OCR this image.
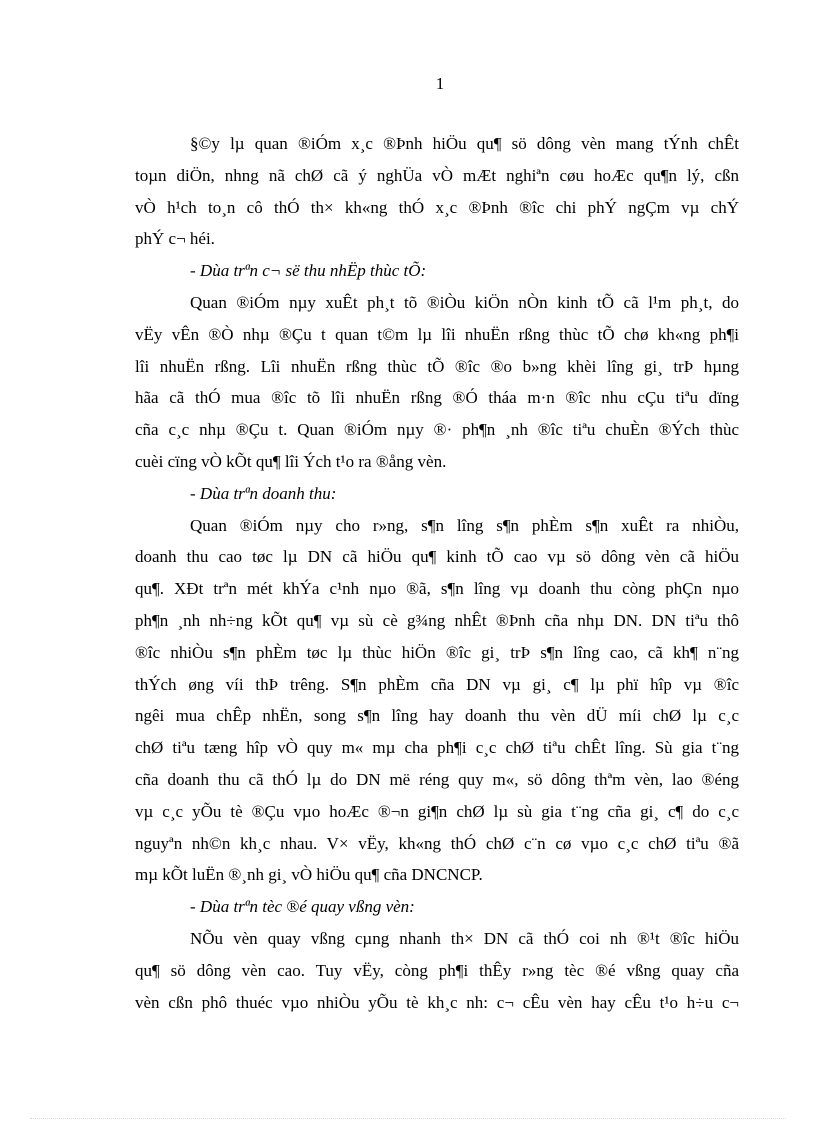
1
§©y lµ quan ®iÓm x¸c ®Þnh hiÖu qu¶ sö dông vèn mang tÝnh chÊt
toµn diÖn, nhng nã chØ cã ý nghÜa vÒ mÆt nghiªn cøu hoÆc qu¶n lý, cßn
vÒ h¹ch to¸n cô thÓ th× kh«ng thÓ x¸c ®Þnh ®îc chi phÝ ngÇm vµ chÝ
phÝ c¬ héi.
- Dùa trªn c¬ së thu nhËp thùc tÕ:
Quan ®iÓm nµy xuÊt ph¸t tõ ®iÒu kiÖn nÒn kinh tÕ cã l¹m ph¸t, do
vËy vÊn ®Ò nhµ ®Çu t quan t©m lµ lîi nhuËn rßng thùc tÕ chø kh«ng ph¶i
lîi nhuËn rßng. Lîi nhuËn rßng thùc tÕ ®îc ®o b»ng khèi lîng gi¸ trÞ hµng
hãa cã thÓ mua ®îc tõ lîi nhuËn rßng ®Ó tháa m·n ®îc nhu cÇu tiªu dïng
cña c¸c nhµ ®Çu t. Quan ®iÓm nµy ®· ph¶n ¸nh ®îc tiªu chuÈn ®Ých thùc
cuèi cïng vÒ kÕt qu¶ lîi Ých t¹o ra ®ång vèn.
- Dùa trªn doanh thu:
Quan ®iÓm nµy cho r»ng, s¶n lîng s¶n phÈm s¶n xuÊt ra nhiÒu,
doanh thu cao tøc lµ DN cã hiÖu qu¶ kinh tÕ cao vµ sö dông vèn cã hiÖu
qu¶. XÐt trªn mét khÝa c¹nh nµo ®ã, s¶n lîng vµ doanh thu còng phÇn nµo
ph¶n ¸nh nh÷ng kÕt qu¶ vµ sù cè g¾ng nhÊt ®Þnh cña nhµ DN. DN tiªu thô
®îc nhiÒu s¶n phÈm tøc lµ thùc hiÖn ®îc gi¸ trÞ s¶n lîng cao, cã kh¶ n¨ng
thÝch øng víi thÞ trêng. S¶n phÈm cña DN vµ gi¸ c¶ lµ phï hîp vµ ®îc
ngêi mua chÊp nhËn, song s¶n lîng hay doanh thu vèn dÜ míi chØ lµ c¸c
chØ tiªu tæng hîp vÒ quy m« mµ cha ph¶i c¸c chØ tiªu chÊt lîng. Sù gia t¨ng
cña doanh thu cã thÓ lµ do DN më réng quy m«, sö dông thªm vèn, lao ®éng
vµ c¸c yÕu tè ®Çu vµo hoÆc ®¬n gi¶n chØ lµ sù gia t¨ng cña gi¸ c¶ do c¸c
nguyªn nh©n kh¸c nhau. V× vËy, kh«ng thÓ chØ c¨n cø vµo c¸c chØ tiªu ®ã
mµ kÕt luËn ®¸nh gi¸ vÒ hiÖu qu¶ cña DNCNCP.
- Dùa trªn tèc ®é quay vßng vèn:
NÕu vèn quay vßng cµng nhanh th× DN cã thÓ coi nh ®¹t ®îc hiÖu
qu¶ sö dông vèn cao. Tuy vËy, còng ph¶i thÊy r»ng tèc ®é vßng quay cña
vèn cßn phô thuéc vµo nhiÒu yÕu tè kh¸c nh: c¬ cÊu vèn hay cÊu t¹o h÷u c¬
